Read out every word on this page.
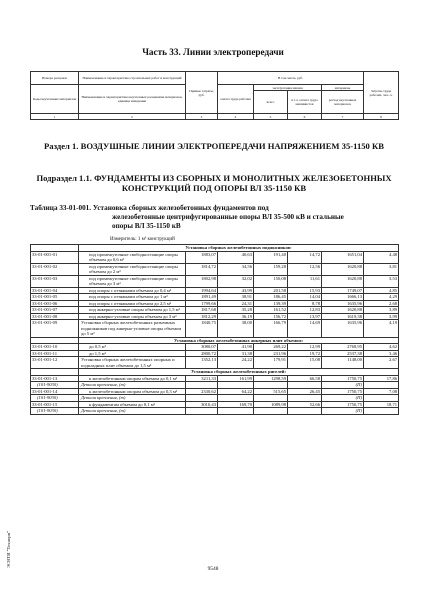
ЭСНТИ "Технорм"
Часть 33. Линии электропередачи
Номера расценок	Наименование и характеристика строительных работ и конструкций	Прямые затраты, руб.	В том числе, руб.				Затраты труда рабочих, чел.-ч.
Коды неучтенных материалов	Наименование и характеристика неучтенных расценками материалов, единица измерения		оплата труда рабочих	эксплуатация машин		материалы	
				всего	в т.ч. оплата труда машинистов	расход неучтенных материалов	
1	2	3	4	5	6	7	8
Раздел 1. ВОЗДУШНЫЕ ЛИНИИ ЭЛЕКТРОПЕРЕДАЧИ НАПРЯЖЕНИЕМ 35-1150 КВ
Подраздел 1.1. ФУНДАМЕНТЫ ИЗ СБОРНЫХ И МОНОЛИТНЫХ ЖЕЛЕЗОБЕТОННЫХ КОНСТРУКЦИЙ ПОД ОПОРЫ ВЛ 35-1150 КВ
Таблица 33-01-001. Установка сборных железобетонных фундаментов под
железобетонные центрифугированные опоры ВЛ 35-500 кВ и стальные
опоры ВЛ 35-1150 кВ
Измеритель: 1 м³ конструкций
	Установка сборных железобетонных подножников:						
33-01-001-01	под промежуточные свободностоящие опоры объемом до 0,6 м³	1883,07	40,63	191,40	14,72	1651,04	4,48
33-01-001-02	под промежуточные свободностоящие опоры объемом до 2 м³	1814,72	34,56	159,28	12,56	1620,88	3,81
33-01-001-03	под промежуточные свободностоящие опоры объемом до 3 м³	1802,98	32,02	150,08	11,61	1620,88	3,53
33-01-001-04	под опоры с оттяжками объемом до 0,4 м³	1994,64	43,99	201,58	15,93	1749,07	4,85
33-01-001-05	под опоры с оттяжками объемом до 1 м³	1891,49	38,91	186,45	14,04	1666,13	4,29
33-01-001-06	под опоры с оттяжками объемом до 2,5 м³	1799,66	24,31	139,39	8,78	1635,96	2,68
33-01-001-07	под анкерно-угловые опоры объемом до 1,5 м³	1817,68	35,28	161,52	12,83	1620,88	3,89
33-01-001-08	под анкерно-угловые опоры объемом до 3 м³	1812,29	36,19	156,72	13,97	1619,38	3,99
33-01-001-09	Установка сборных железобетонных разъемных подножников под анкерно-угловые опоры объемом до 5 м³	1840,75	38,00	166,79	14,69	1635,96	4,19
	Установка сборных железобетонных анкерных плит объемом:						
33-01-001-10	до 0,5 м³	3080,07	41,90	269,22	12,99	2768,95	4,62
33-01-001-11	до 1,5 м³	2800,72	31,38	231,96	19,72	2537,38	3,46
33-01-001-12	Установка сборных железобетонных опорных и подкладных плит объемом до 1,5 м³	1352,13	24,22	179,91	15,08	1148,00	2,67
	Установка сборных железобетонных ригелей:						
33-01-001-13	к железобетонным опорам объемом до 0,1 м³	3211,33	161,99	1298,59	66,58	1750,75	17,86
(101-9030)	Детали крепления, (т)					(П)	
33-01-001-14	к железобетонным опорам объемом до 0,3 м³	2330,62	64,22	515,65	26,45	1750,75	7,08
(101-9030)	Детали крепления, (т)					(П)	
33-01-001-15	к фундаментам объемом до 0,1 м³	3010,43	169,70	1089,98	52,66	1750,75	18,71
(101-9030)	Детали крепления, (т)					(П)	
9548
